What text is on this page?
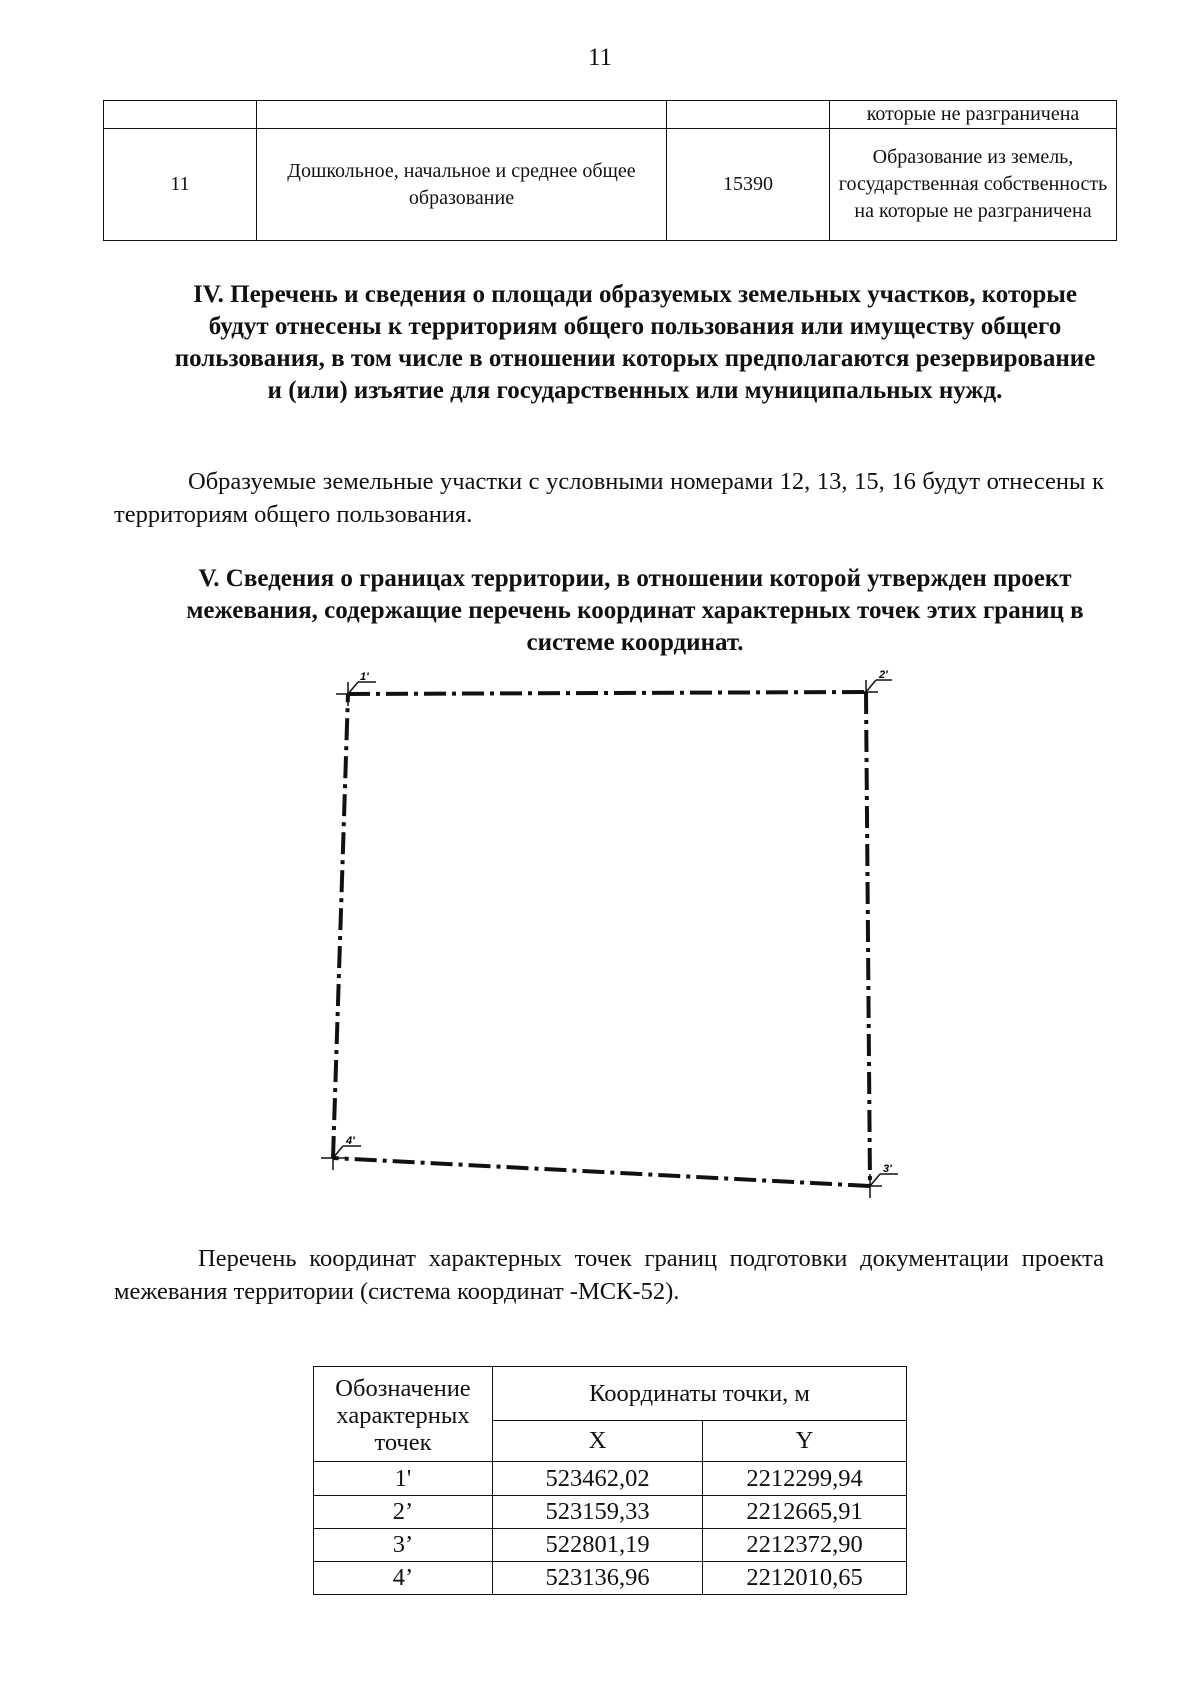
11
			которые не разграничена
11	Дошкольное, начальное и среднее общее образование	15390	Образование из земель, государственная собственность на которые не разграничена
IV. Перечень и сведения о площади образуемых земельных участков, которые будут отнесены к территориям общего пользования или имуществу общего пользования, в том числе в отношении которых предполагаются резервирование и (или) изъятие для государственных или муниципальных нужд.
Образуемые земельные участки с условными номерами 12, 13, 15, 16 будут отнесены к территориям общего пользования.
V. Сведения о границах территории, в отношении которой утвержден проект межевания, содержащие перечень координат характерных точек этих границ в системе координат.
1'	2'
3'
4'
Перечень координат характерных точек границ подготовки документации проекта межевания территории (система координат -МСК-52).
Обозначение характерных точек	Координаты точки, м	
	X	Y
1'	523462,02	2212299,94
2’	523159,33	2212665,91
3’	522801,19	2212372,90
4’	523136,96	2212010,65
